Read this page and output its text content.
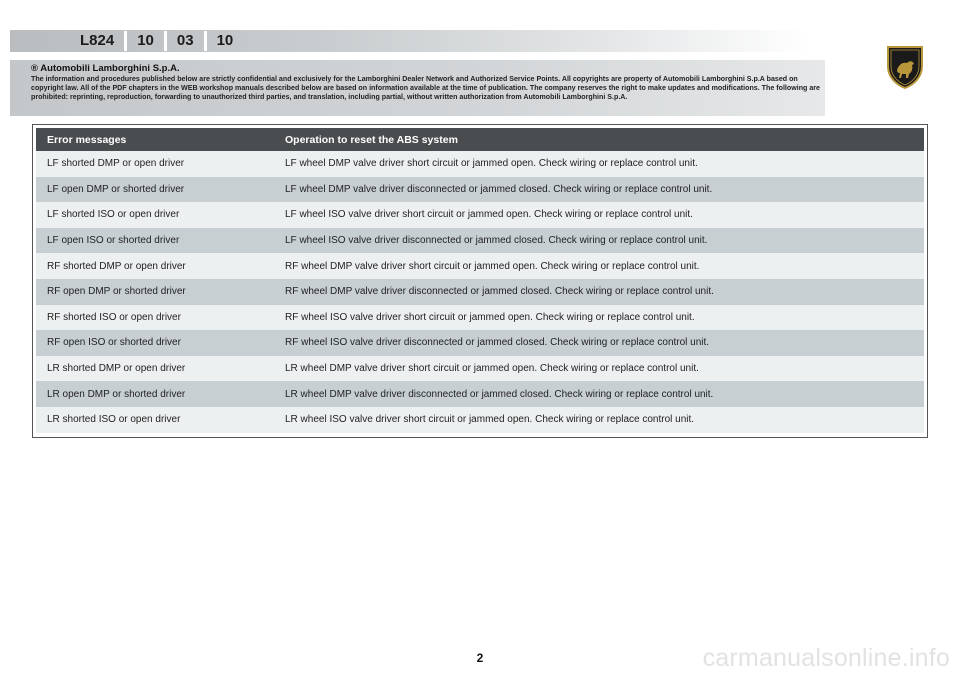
L824	10	03	10
® Automobili Lamborghini S.p.A.
The information and procedures published below are strictly confidential and exclusively for the Lamborghini Dealer Network and Authorized Service Points. All copyrights are property of Automobili Lamborghini S.p.A based on copyright law. All of the PDF chapters in the WEB workshop manuals described below are based on information available at the time of publication. The company reserves the right to make updates and modifications. The following are prohibited: reprinting, reproduction, forwarding to unauthorized third parties, and translation, including partial, without written authorization from Automobili Lamborghini S.p.A.
Error messages	Operation to reset the ABS system
LF shorted DMP or open driver	LF wheel DMP valve driver short circuit or jammed open. Check wiring or replace control unit.
LF open DMP or shorted driver	LF wheel DMP valve driver disconnected or jammed closed. Check wiring or replace control unit.
LF shorted ISO or open driver	LF wheel ISO valve driver short circuit or jammed open. Check wiring or replace control unit.
LF open ISO or shorted driver	LF wheel ISO valve driver disconnected or jammed closed. Check wiring or replace control unit.
RF shorted DMP or open driver	RF wheel DMP valve driver short circuit or jammed open. Check wiring or replace control unit.
RF open DMP or shorted driver	RF wheel DMP valve driver disconnected or jammed closed. Check wiring or replace control unit.
RF shorted ISO or open driver	RF wheel ISO valve driver short circuit or jammed open. Check wiring or replace control unit.
RF open ISO or shorted driver	RF wheel ISO valve driver disconnected or jammed closed. Check wiring or replace control unit.
LR shorted DMP or open driver	LR wheel DMP valve driver short circuit or jammed open. Check wiring or replace control unit.
LR open DMP or shorted driver	LR wheel DMP valve driver disconnected or jammed closed. Check wiring or replace control unit.
LR shorted ISO or open driver	LR wheel ISO valve driver short circuit or jammed open. Check wiring or replace control unit.
2	carmanualsonline.info
